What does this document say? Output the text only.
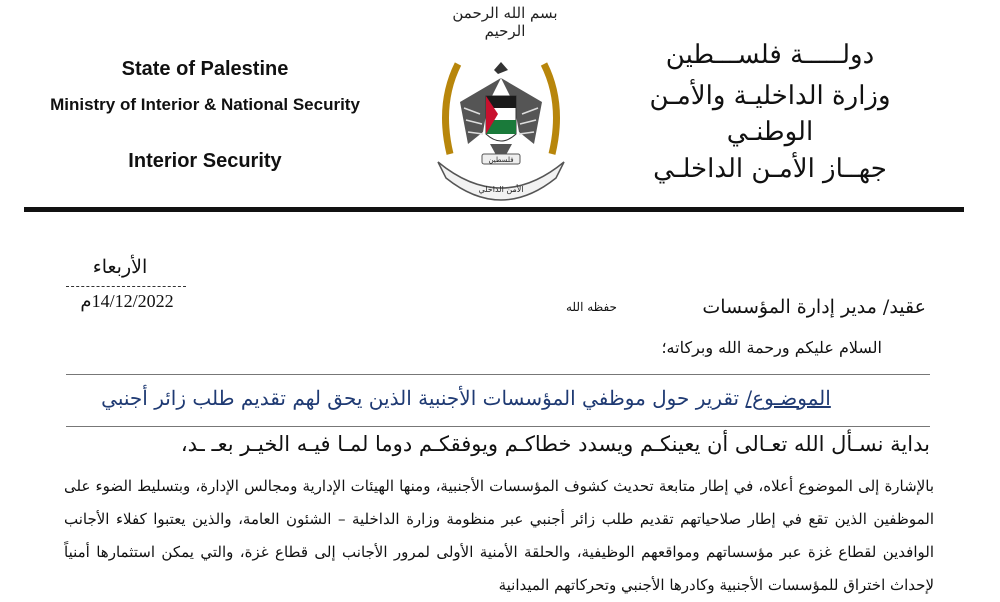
بسم الله الرحمن الرحيم
State of Palestine
Ministry of Interior & National Security
Interior Security	فلسطين
الأمن الداخلي
دولـــــة فلســـطين
وزارة الداخليـة والأمـن الوطنـي
جهــاز الأمـن الداخلـي
الأربعاء
14/12/2022م	عقيد/ مدير إدارة المؤسسات
حفظه الله
السلام عليكم ورحمة الله وبركاته؛
الموضـوع/ تقرير حول موظفي المؤسسات الأجنبية الذين يحق لهم تقديم طلب زائر أجنبي
بداية نسـأل الله تعـالى أن يعينكـم ويسدد خطاكـم ويوفقكـم دوما لمـا فيـه الخيـر بعـ ـد،
بالإشارة إلى الموضوع أعلاه، في إطار متابعة تحديث كشوف المؤسسات الأجنبية، ومنها الهيئات الإدارية ومجالس الإدارة، وبتسليط الضوء على الموظفين الذين تقع في إطار صلاحياتهم تقديم طلب زائر أجنبي عبر منظومة وزارة الداخلية – الشئون العامة، والذين يعتبوا كفلاء الأجانب الوافدين لقطاع غزة عبر مؤسساتهم ومواقعهم الوظيفية، والحلقة الأمنية الأولى لمرور الأجانب إلى قطاع غزة، والتي يمكن استثمارها أمنياً لإحداث اختراق للمؤسسات الأجنبية وكادرها الأجنبي وتحركاتهم الميدانية
